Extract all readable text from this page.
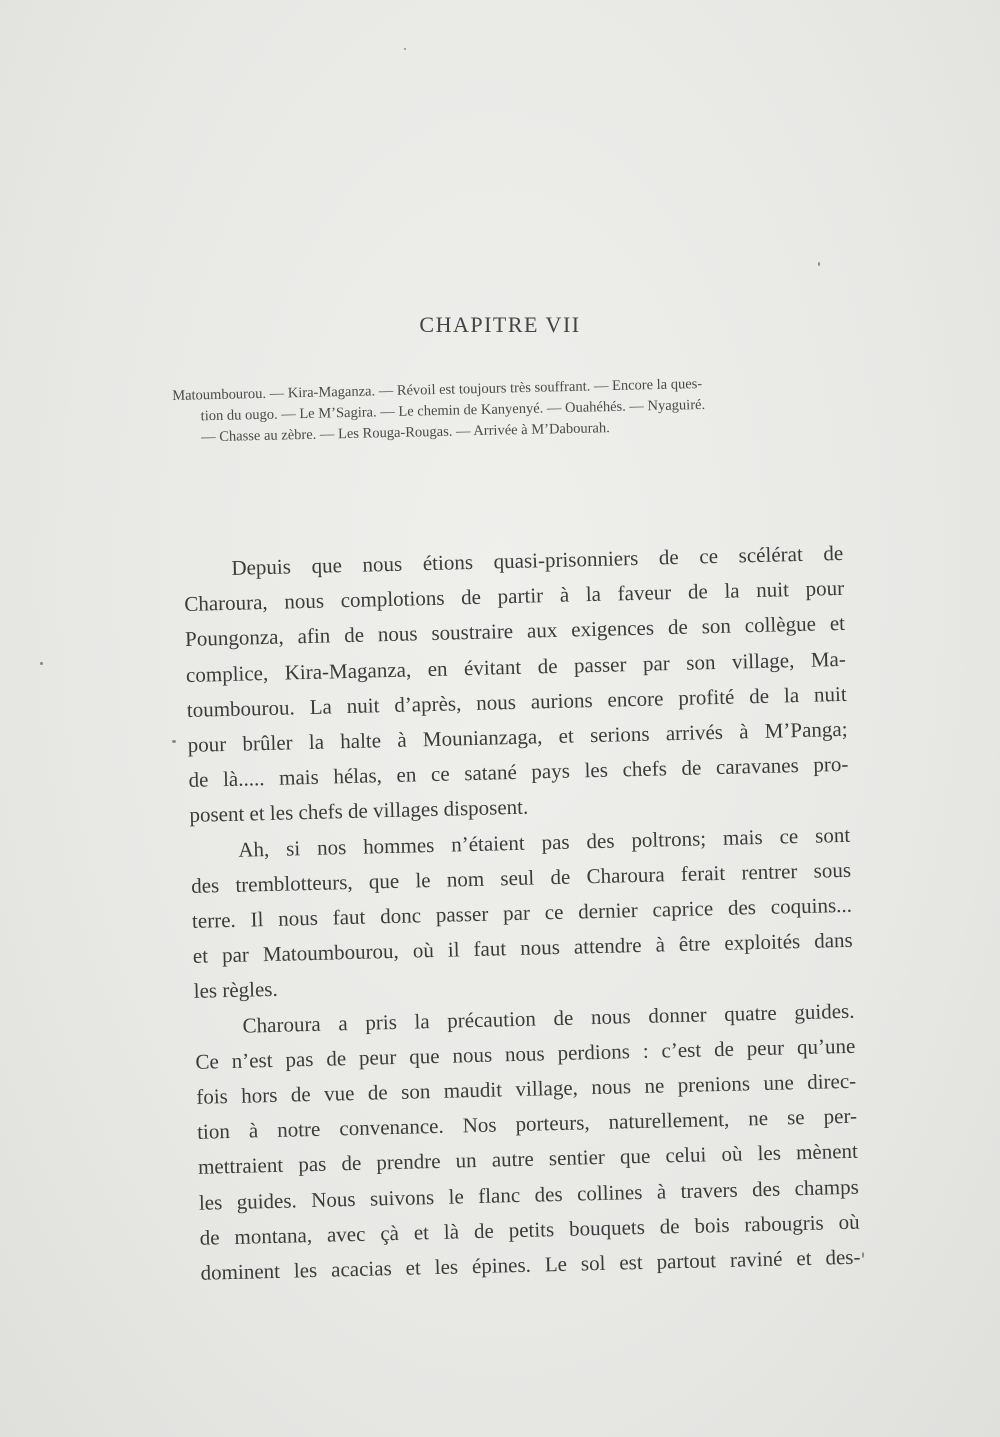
CHAPITRE VII
Matoumbourou. — Kira-Maganza. — Révoil est toujours très souffrant. — Encore la ques-
tion du ougo. — Le M’Sagira. — Le chemin de Kanyenyé. — Ouahéhés. — Nyaguiré.
— Chasse au zèbre. — Les Rouga-Rougas. — Arrivée à M’Dabourah.
Depuis que nous étions quasi-prisonniers de ce scélérat de
Charoura, nous complotions de partir à la faveur de la nuit pour
Poungonza, afin de nous soustraire aux exigences de son collègue et
complice, Kira-Maganza, en évitant de passer par son village, Ma-
toumbourou. La nuit d’après, nous aurions encore profité de la nuit
pour brûler la halte à Mounianzaga, et serions arrivés à M’Panga;
de là..... mais hélas, en ce satané pays les chefs de caravanes pro-
posent et les chefs de villages disposent.
Ah, si nos hommes n’étaient pas des poltrons; mais ce sont
des tremblotteurs, que le nom seul de Charoura ferait rentrer sous
terre. Il nous faut donc passer par ce dernier caprice des coquins...
et par Matoumbourou, où il faut nous attendre à être exploités dans
les règles.
Charoura a pris la précaution de nous donner quatre guides.
Ce n’est pas de peur que nous nous perdions : c’est de peur qu’une
fois hors de vue de son maudit village, nous ne prenions une direc-
tion à notre convenance. Nos porteurs, naturellement, ne se per-
mettraient pas de prendre un autre sentier que celui où les mènent
les guides. Nous suivons le flanc des collines à travers des champs
de montana, avec çà et là de petits bouquets de bois rabougris où
dominent les acacias et les épines. Le sol est partout raviné et des-
